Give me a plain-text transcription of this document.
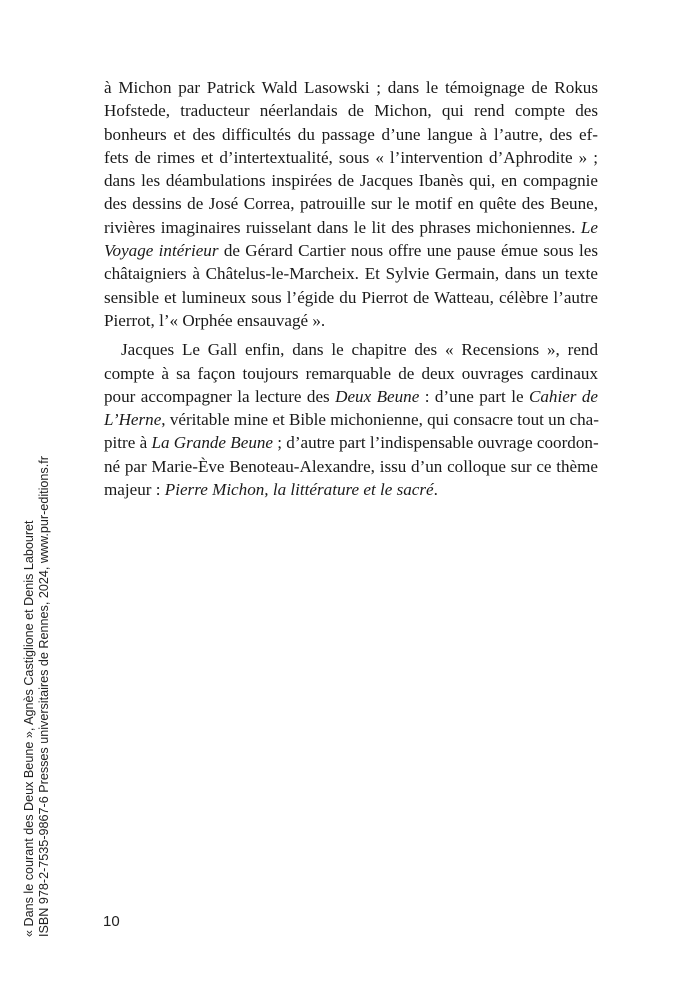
à Michon par Patrick Wald Lasowski ; dans le témoignage de Rokus
Hofstede, traducteur néerlandais de Michon, qui rend compte des
bonheurs et des difficultés du passage d’une langue à l’autre, des ef-
fets de rimes et d’intertextualité, sous « l’intervention d’Aphrodite » ;
dans les déambulations inspirées de Jacques Ibanès qui, en compagnie
des dessins de José Correa, patrouille sur le motif en quête des Beune,
rivières imaginaires ruisselant dans le lit des phrases michoniennes. Le
Voyage intérieur de Gérard Cartier nous offre une pause émue sous les
châtaigniers à Châtelus-le-Marcheix. Et Sylvie Germain, dans un texte
sensible et lumineux sous l’égide du Pierrot de Watteau, célèbre l’autre
Pierrot, l’« Orphée ensauvagé ».
Jacques Le Gall enfin, dans le chapitre des « Recensions », rend
compte à sa façon toujours remarquable de deux ouvrages cardinaux
pour accompagner la lecture des Deux Beune : d’une part le Cahier de
L’Herne, véritable mine et Bible michonienne, qui consacre tout un cha-
pitre à La Grande Beune ; d’autre part l’indispensable ouvrage coordon-
né par Marie-Ève Benoteau-Alexandre, issu d’un colloque sur ce thème
majeur : Pierre Michon, la littérature et le sacré.
10
« Dans le courant des Deux Beune », Agnès Castiglione et Denis Labouret ISBN 978-2-7535-9867-6 Presses universitaires de Rennes, 2024, www.pur-editions.fr
